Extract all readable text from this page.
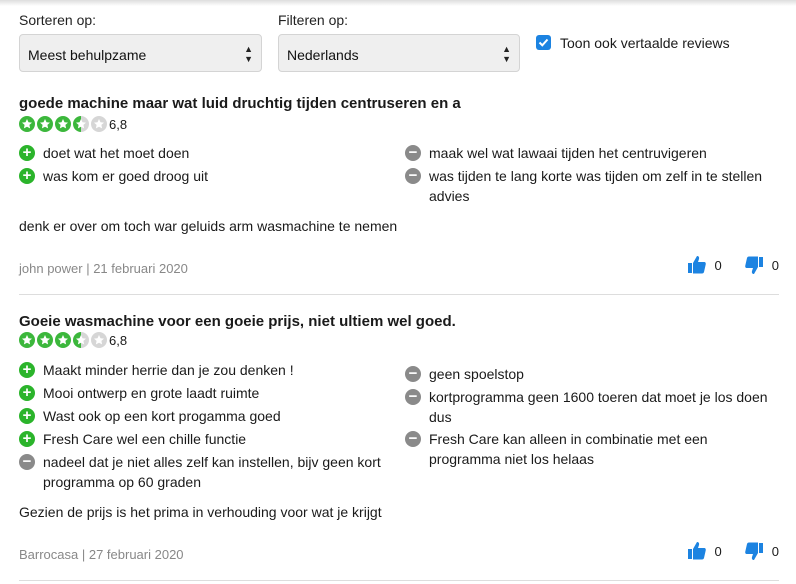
Sorteren op:
Meest behulpzame	▲
▼
Filteren op:
Nederlands	▲
▼
Toon ook vertaalde reviews
goede machine maar wat luid druchtig tijden centruseren en a
6,8
+ doet wat het moet doen
+ was kom er goed droog uit
− maak wel wat lawaai tijden het centruvigeren
− was tijden te lang korte was tijden om zelf in te stellen advies
denk er over om toch war geluids arm wasmachine te nemen
john power | 21 februari 2020	0	0
Goeie wasmachine voor een goeie prijs, niet ultiem wel goed.
6,8
+ Maakt minder herrie dan je zou denken !
+ Mooi ontwerp en grote laadt ruimte
+ Wast ook op een kort progamma goed
+ Fresh Care wel een chille functie
− nadeel dat je niet alles zelf kan instellen, bijv geen kort programma op 60 graden
− geen spoelstop
− kortprogramma geen 1600 toeren dat moet je los doen dus
− Fresh Care kan alleen in combinatie met een programma niet los helaas
Gezien de prijs is het prima in verhouding voor wat je krijgt
Barrocasa | 27 februari 2020	0	0
